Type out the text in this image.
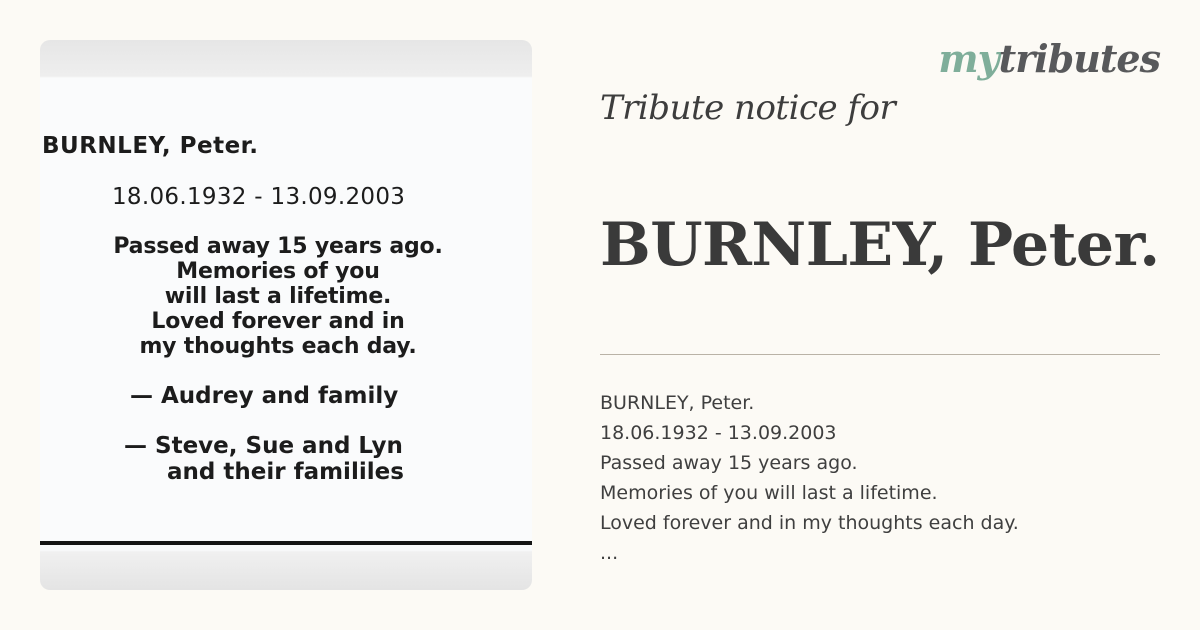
BURNLEY, Peter.
18.06.1932 - 13.09.2003
Passed away 15 years ago.
Memories of you
will last a lifetime.
Loved forever and in
my thoughts each day.
— Audrey and family
— Steve, Sue and Lyn
and their famililes
mytributes
Tribute notice for
BURNLEY, Peter.
BURNLEY, Peter.
18.06.1932 - 13.09.2003
Passed away 15 years ago.
Memories of you will last a lifetime.
Loved forever and in my thoughts each day.
...
